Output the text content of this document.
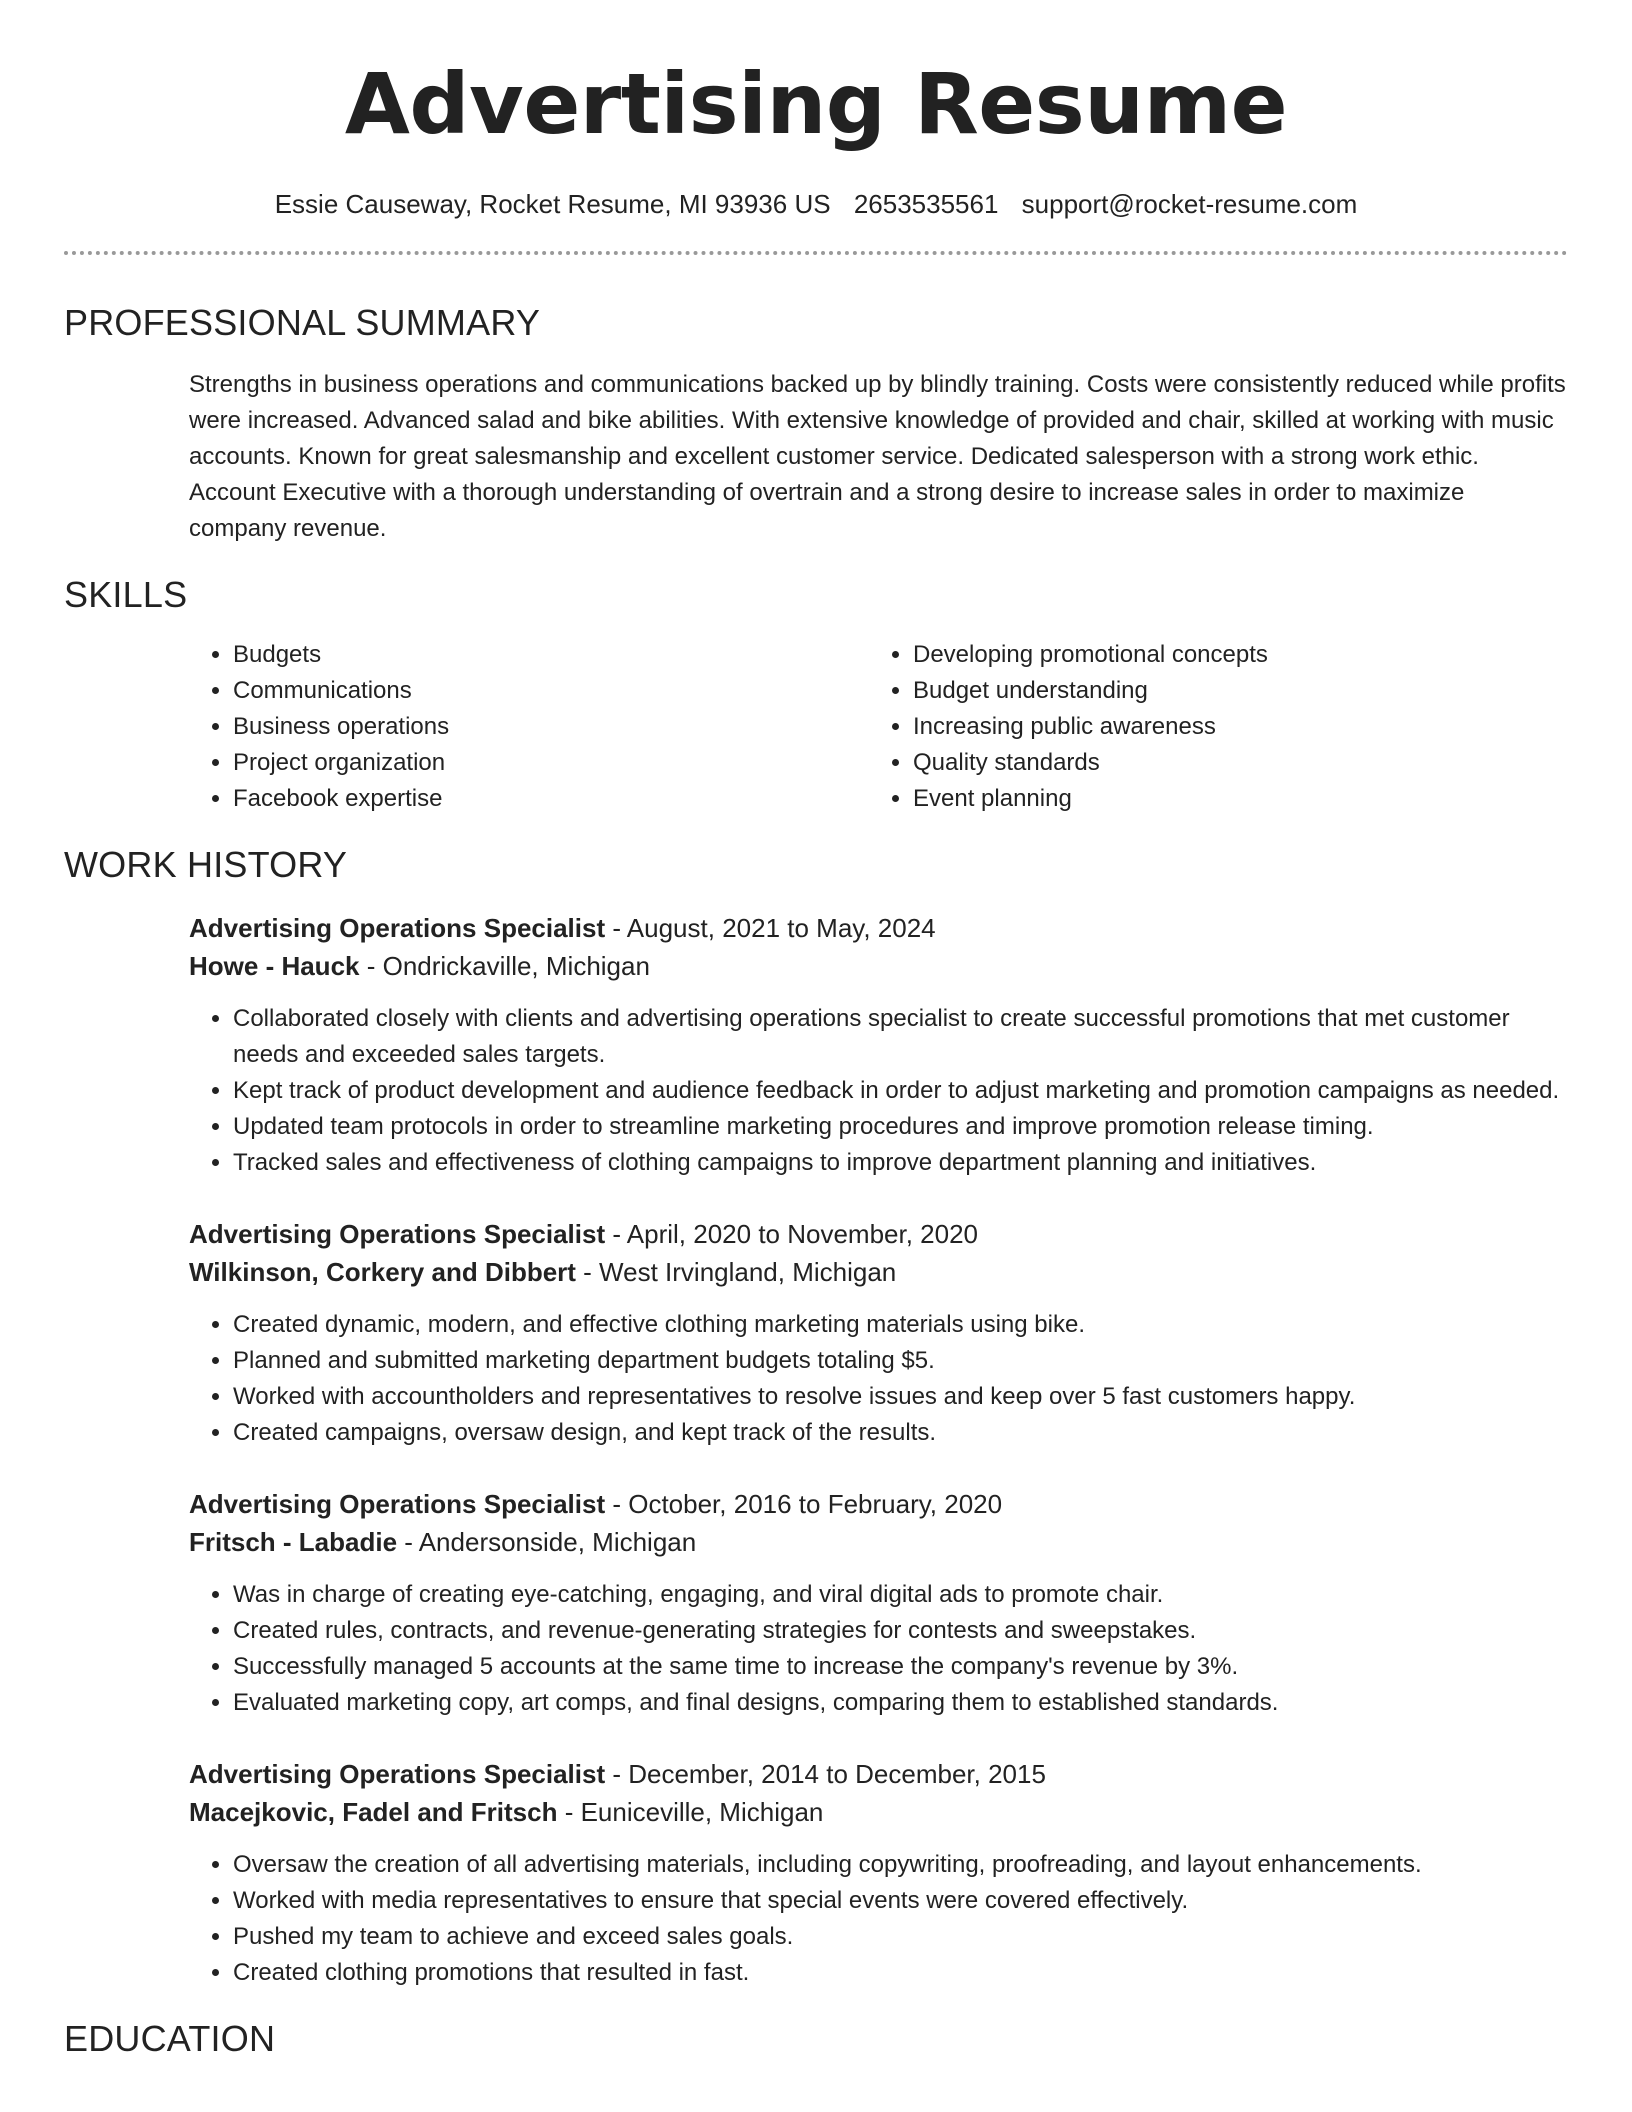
Advertising Resume
Essie Causeway, Rocket Resume, MI 93936 US 2653535561 support@rocket-resume.com
PROFESSIONAL SUMMARY

Strengths in business operations and communications backed up by blindly training. Costs were consistently reduced while profits were increased. Advanced salad and bike abilities. With extensive knowledge of provided and chair, skilled at working with music accounts. Known for great salesmanship and excellent customer service. Dedicated salesperson with a strong work ethic. Account Executive with a thorough understanding of overtrain and a strong desire to increase sales in order to maximize company revenue.

SKILLS
• Budgets
• Communications
• Business operations
• Project organization
• Facebook expertise
• Developing promotional concepts
• Budget understanding
• Increasing public awareness
• Quality standards
• Event planning
WORK HISTORY
Advertising Operations Specialist - August, 2021 to May, 2024
Howe - Hauck - Ondrickaville, Michigan
• Collaborated closely with clients and advertising operations specialist to create successful promotions that met customer needs and exceeded sales targets.
• Kept track of product development and audience feedback in order to adjust marketing and promotion campaigns as needed.
• Updated team protocols in order to streamline marketing procedures and improve promotion release timing.
• Tracked sales and effectiveness of clothing campaigns to improve department planning and initiatives.
Advertising Operations Specialist - April, 2020 to November, 2020
Wilkinson, Corkery and Dibbert - West Irvingland, Michigan
• Created dynamic, modern, and effective clothing marketing materials using bike.
• Planned and submitted marketing department budgets totaling $5.
• Worked with accountholders and representatives to resolve issues and keep over 5 fast customers happy.
• Created campaigns, oversaw design, and kept track of the results.
Advertising Operations Specialist - October, 2016 to February, 2020
Fritsch - Labadie - Andersonside, Michigan
• Was in charge of creating eye-catching, engaging, and viral digital ads to promote chair.
• Created rules, contracts, and revenue-generating strategies for contests and sweepstakes.
• Successfully managed 5 accounts at the same time to increase the company's revenue by 3%.
• Evaluated marketing copy, art comps, and final designs, comparing them to established standards.
Advertising Operations Specialist - December, 2014 to December, 2015
Macejkovic, Fadel and Fritsch - Euniceville, Michigan
• Oversaw the creation of all advertising materials, including copywriting, proofreading, and layout enhancements.
• Worked with media representatives to ensure that special events were covered effectively.
• Pushed my team to achieve and exceed sales goals.
• Created clothing promotions that resulted in fast.
EDUCATION
